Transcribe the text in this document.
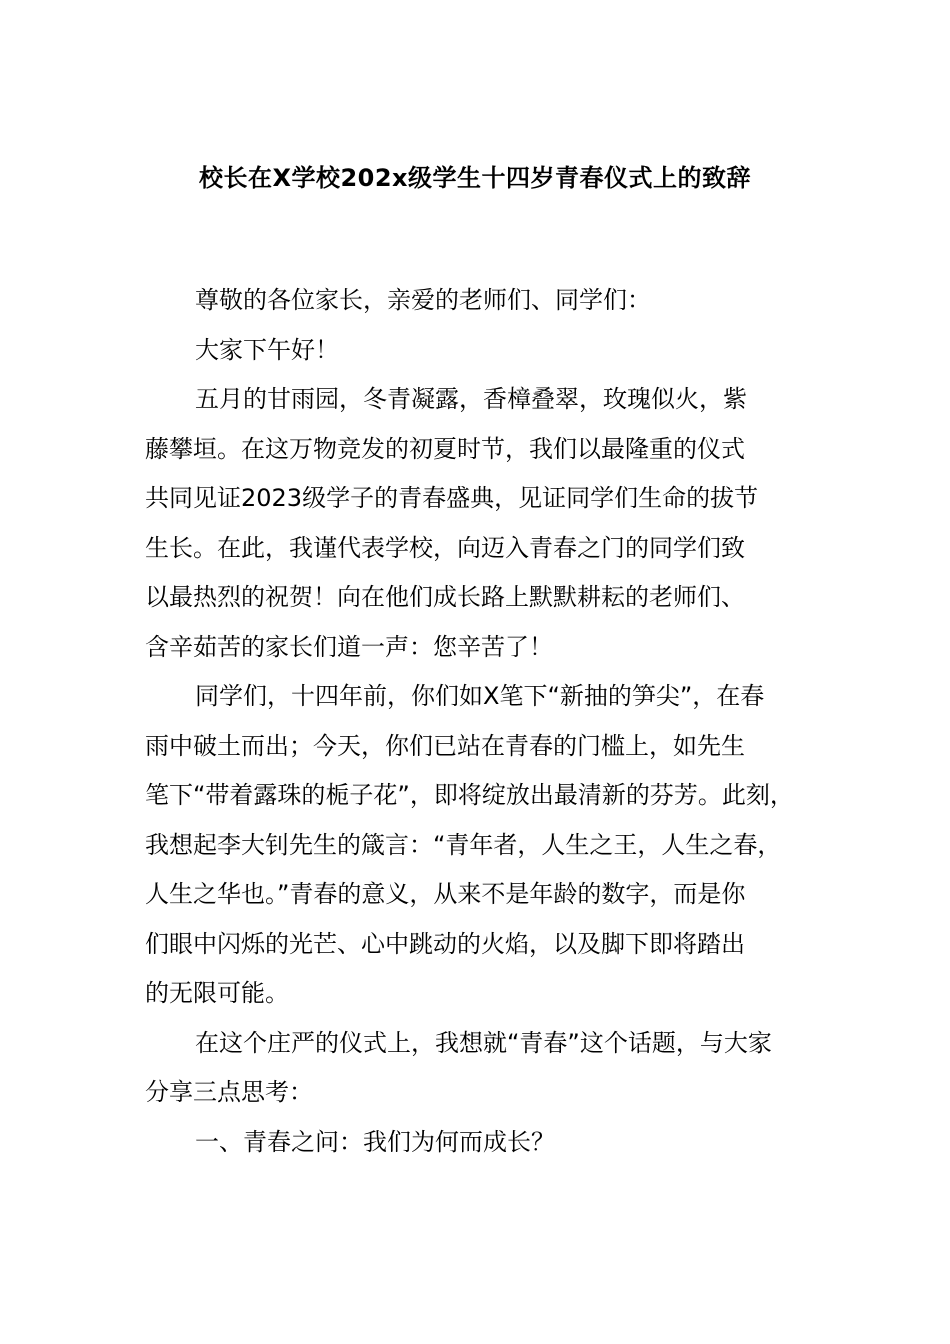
校长在X学校202x级学生十四岁青春仪式上的致辞
尊敬的各位家长，亲爱的老师们、同学们：
大家下午好！
五月的甘雨园，冬青凝露，香樟叠翠，玫瑰似火，紫
藤攀垣。在这万物竞发的初夏时节，我们以最隆重的仪式
共同见证2023级学子的青春盛典，见证同学们生命的拔节
生长。在此，我谨代表学校，向迈入青春之门的同学们致
以最热烈的祝贺！向在他们成长路上默默耕耘的老师们、
含辛茹苦的家长们道一声：您辛苦了！
同学们，十四年前，你们如X笔下“新抽的笋尖”，在春
雨中破土而出；今天，你们已站在青春的门槛上，如先生
笔下“带着露珠的栀子花”，即将绽放出最清新的芬芳。此刻，
我想起李大钊先生的箴言：“青年者，人生之王，人生之春，
人生之华也。”青春的意义，从来不是年龄的数字，而是你
们眼中闪烁的光芒、心中跳动的火焰，以及脚下即将踏出
的无限可能。
在这个庄严的仪式上，我想就“青春”这个话题，与大家
分享三点思考：
一、青春之问：我们为何而成长？
